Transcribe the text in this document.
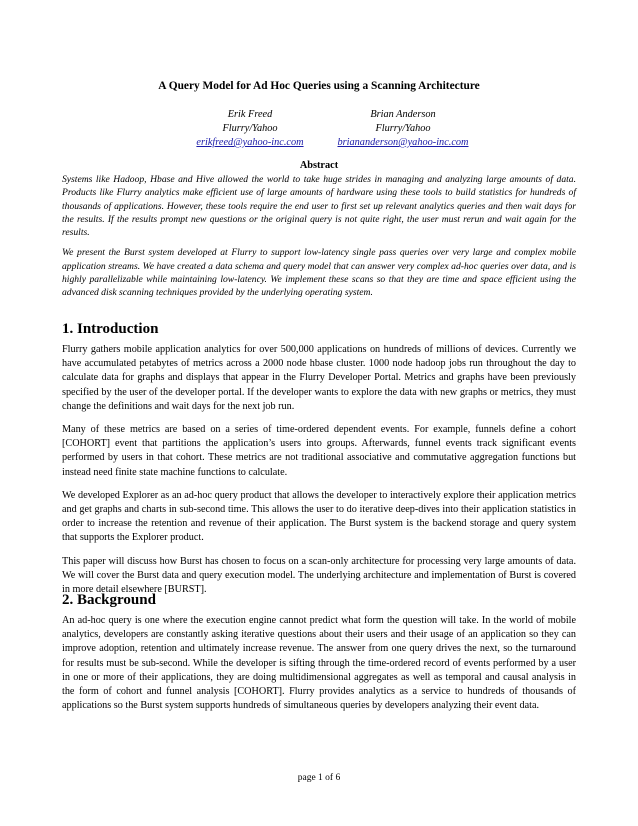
A Query Model for Ad Hoc Queries using a Scanning Architecture
Erik Freed
Flurry/Yahoo
erikfreed@yahoo-inc.com
Brian Anderson
Flurry/Yahoo
briananderson@yahoo-inc.com
Abstract

Systems like Hadoop, Hbase and Hive allowed the world to take huge strides in managing and analyzing large amounts of data. Products like Flurry analytics make efficient use of large amounts of hardware using these tools to build statistics for hundreds of thousands of applications. However, these tools require the end user to first set up relevant analytics queries and then wait days for the results. If the results prompt new questions or the original query is not quite right, the user must rerun and wait again for the results.

We present the Burst system developed at Flurry to support low-latency single pass queries over very large and complex mobile application streams. We have created a data schema and query model that can answer very complex ad-hoc queries over data, and is highly parallelizable while maintaining low-latency. We implement these scans so that they are time and space efficient using the advanced disk scanning techniques provided by the underlying operating system.

1. Introduction

Flurry gathers mobile application analytics for over 500,000 applications on hundreds of millions of devices. Currently we have accumulated petabytes of metrics across a 2000 node hbase cluster. 1000 node hadoop jobs run throughout the day to calculate data for graphs and displays that appear in the Flurry Developer Portal. Metrics and graphs have been previously specified by the user of the developer portal. If the developer wants to explore the data with new graphs or metrics, they must change the definitions and wait days for the next job run.

Many of these metrics are based on a series of time-ordered dependent events. For example, funnels define a cohort [COHORT] event that partitions the application’s users into groups. Afterwards, funnel events track significant events performed by users in that cohort. These metrics are not traditional associative and commutative aggregation functions but instead need finite state machine functions to calculate.

We developed Explorer as an ad-hoc query product that allows the developer to interactively explore their application metrics and get graphs and charts in sub-second time. This allows the user to do iterative deep-dives into their application statistics in order to increase the retention and revenue of their application. The Burst system is the backend storage and query system that supports the Explorer product.

This paper will discuss how Burst has chosen to focus on a scan-only architecture for processing very large amounts of data. We will cover the Burst data and query execution model. The underlying architecture and implementation of Burst is covered in more detail elsewhere [BURST].

2. Background

An ad-hoc query is one where the execution engine cannot predict what form the question will take. In the world of mobile analytics, developers are constantly asking iterative questions about their users and their usage of an application so they can improve adoption, retention and ultimately increase revenue. The answer from one query drives the next, so the turnaround for results must be sub-second. While the developer is sifting through the time-ordered record of events performed by a user in one or more of their applications, they are doing multidimensional aggregates as well as temporal and causal analysis in the form of cohort and funnel analysis [COHORT]. Flurry provides analytics as a service to hundreds of thousands of applications so the Burst system supports hundreds of simultaneous queries by developers analyzing their event data.

page 1 of 6
